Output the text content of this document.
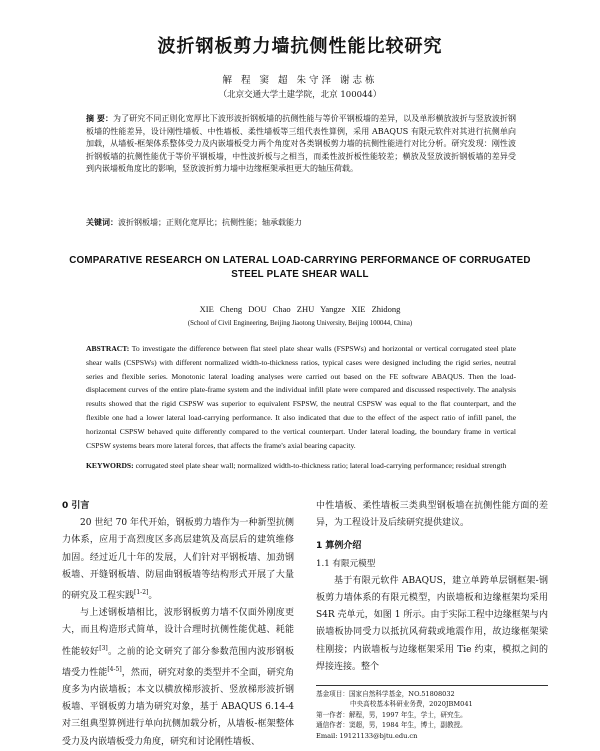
波折钢板剪力墙抗侧性能比较研究
解 程 窦 超 朱守泽 谢志栋
（北京交通大学土建学院，北京 100044）
摘 要：为了研究不同正则化宽厚比下波形波折钢板墙的抗侧性能与等价平钢板墙的差异，以及单形横放波折与竖放波折钢板墙的性能差异，设计刚性墙板、中性墙板、柔性墙板等三组代表性算例，采用 ABAQUS 有限元软件对其进行抗侧单向加载，从墙板-框架体系整体受力及内嵌墙板受力两个角度对各类钢板剪力墙的抗侧性能进行对比分析。研究发现：刚性波折钢板墙的抗侧性能优于等价平钢板墙，中性波折板与之相当，而柔性波折板性能较差；横放及竖放波折钢板墙的差异受到内嵌墙板角度比的影响，竖放波折剪力墙中边缘框架承担更大的轴压荷载。
关键词：波折钢板墙；正则化宽厚比；抗侧性能；轴承载能力
COMPARATIVE RESEARCH ON LATERAL LOAD-CARRYING PERFORMANCE OF CORRUGATED STEEL PLATE SHEAR WALL
XIE Cheng DOU Chao ZHU Yangze XIE Zhidong
(School of Civil Engineering, Beijing Jiaotong University, Beijing 100044, China)
ABSTRACT: To investigate the difference between flat steel plate shear walls (FSPSWs) and horizontal or vertical corrugated steel plate shear walls (CSPSWs) with different normalized width-to-thickness ratios, typical cases were designed including the rigid series, neutral series and flexible series. Monotonic lateral loading analyses were carried out based on the FE software ABAQUS. Then the load-displacement curves of the entire plate-frame system and the individual infill plate were compared and discussed respectively. The analysis results showed that the rigid CSPSW was superior to equivalent FSPSW, the neutral CSPSW was equal to the flat counterpart, and the flexible one had a lower lateral load-carrying performance. It also indicated that due to the effect of the aspect ratio of infill panel, the horizontal CSPSW behaved quite differently compared to the vertical counterpart. Under lateral loading, the boundary frame in vertical CSPSW systems bears more lateral forces, that affects the frame's axial bearing capacity.
KEYWORDS: corrugated steel plate shear wall; normalized width-to-thickness ratio; lateral load-carrying performance; residual strength
0 引言
20 世纪 70 年代开始，钢板剪力墙作为一种新型抗侧力体系，应用于高烈度区多高层建筑及高层后的建筑维修加固。经过近几十年的发展，人们针对平钢板墙、加劲钢板墙、开缝钢板墙、防屈曲钢板墙等结构形式开展了大量的研究及工程实践[1-2]。
与上述钢板墙相比，波形钢板剪力墙不仅面外刚度更大，而且构造形式简单，设计合理时抗侧性能优越、耗能性能较好[3]。之前的论文研究了部分参数范围内波形钢板墙受力性能[4-5]，然而，研究对象的类型并不全面，研究角度多为内嵌墙板；本文以横放梯形波折、竖放梯形波折钢板墙、平钢板剪力墙为研究对象，基于 ABAQUS 6.14-4 对三组典型算例进行单向抗侧加载分析，从墙板-框架整体受力及内嵌墙板受力角度，研究和讨论刚性墙板、
中性墙板、柔性墙板三类典型钢板墙在抗侧性能方面的差异，为工程设计及后续研究提供建议。
1 算例介绍
1.1 有限元模型
基于有限元软件 ABAQUS，建立单跨单层钢框架-钢板剪力墙体系的有限元模型，内嵌墙板和边缘框架均采用 S4R 壳单元，如图 1 所示。由于实际工程中边缘框架与内嵌墙板协同受力以抵抗风荷载或地震作用，故边缘框架梁柱刚接；内嵌墙板与边缘框架采用 Tie 约束，模拟之间的焊接连接。整个
基金项目：国家自然科学基金，NO.51808032
中央高校基本科研业务费，2020JBM041
第一作者：解程，男，1997 年生，学士，研究生。
通信作者：窦超，男，1984 年生，博士，副教授。
Email: 19121133@bjtu.edu.cn
